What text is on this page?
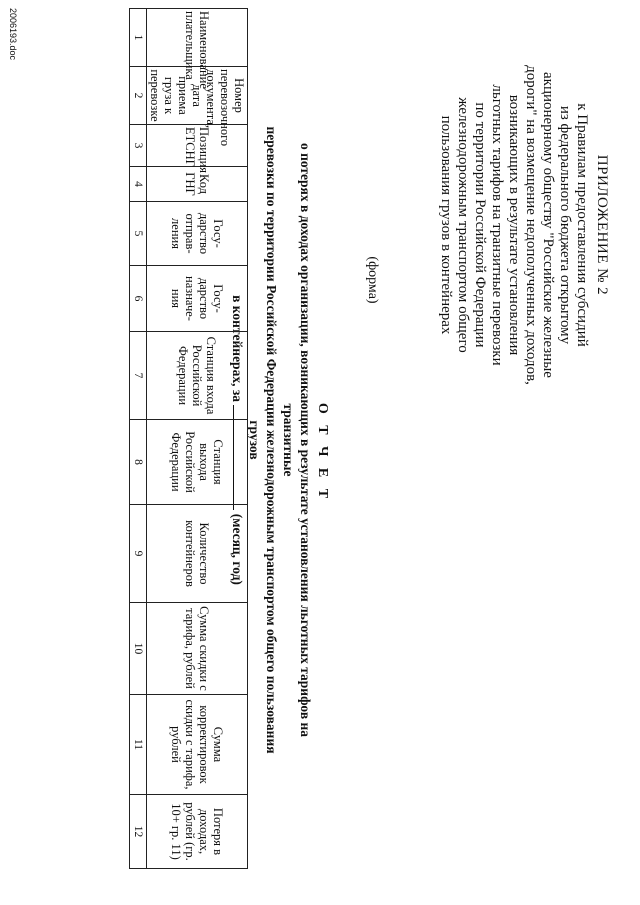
ПРИЛОЖЕНИЕ № 2
к Правилам предоставления субсидий
из федерального бюджета открытому
акционерному обществу "Российские железные
дороги" на возмещение недополученных доходов,
возникающих в результате установления
льготных тарифов на транзитные перевозки
по территории Российской Федерации
железнодорожным транспортом общего
пользования грузов в контейнерах
(форма)
О Т Ч Е Т
о потерях в доходах организации, возникающих в результате установления льготных тарифов на транзитные
перевозки по территории Российской Федерации железнодорожным транспортом общего пользования грузов
в контейнерах, за  (месяц, год)
Наименование плательщика	Номер перевозочного документа, дата приема груза к перевозке	Позиция ЕТСНГ	Код ГНГ	Госу- дарство отправ- ления	Госу- дарство назначе- ния	Станция входа Российской Федерации	Станция выхода Российской Федерации	Количество контейнеров	Сумма скидки с тарифа, рублей	Сумма корректировок скидки с тарифа, рублей	Потеря в доходах, рублей (гр. 10+ гр. 11)
1	2	3	4	5	6	7	8	9	10	11	12
2006193.doc
